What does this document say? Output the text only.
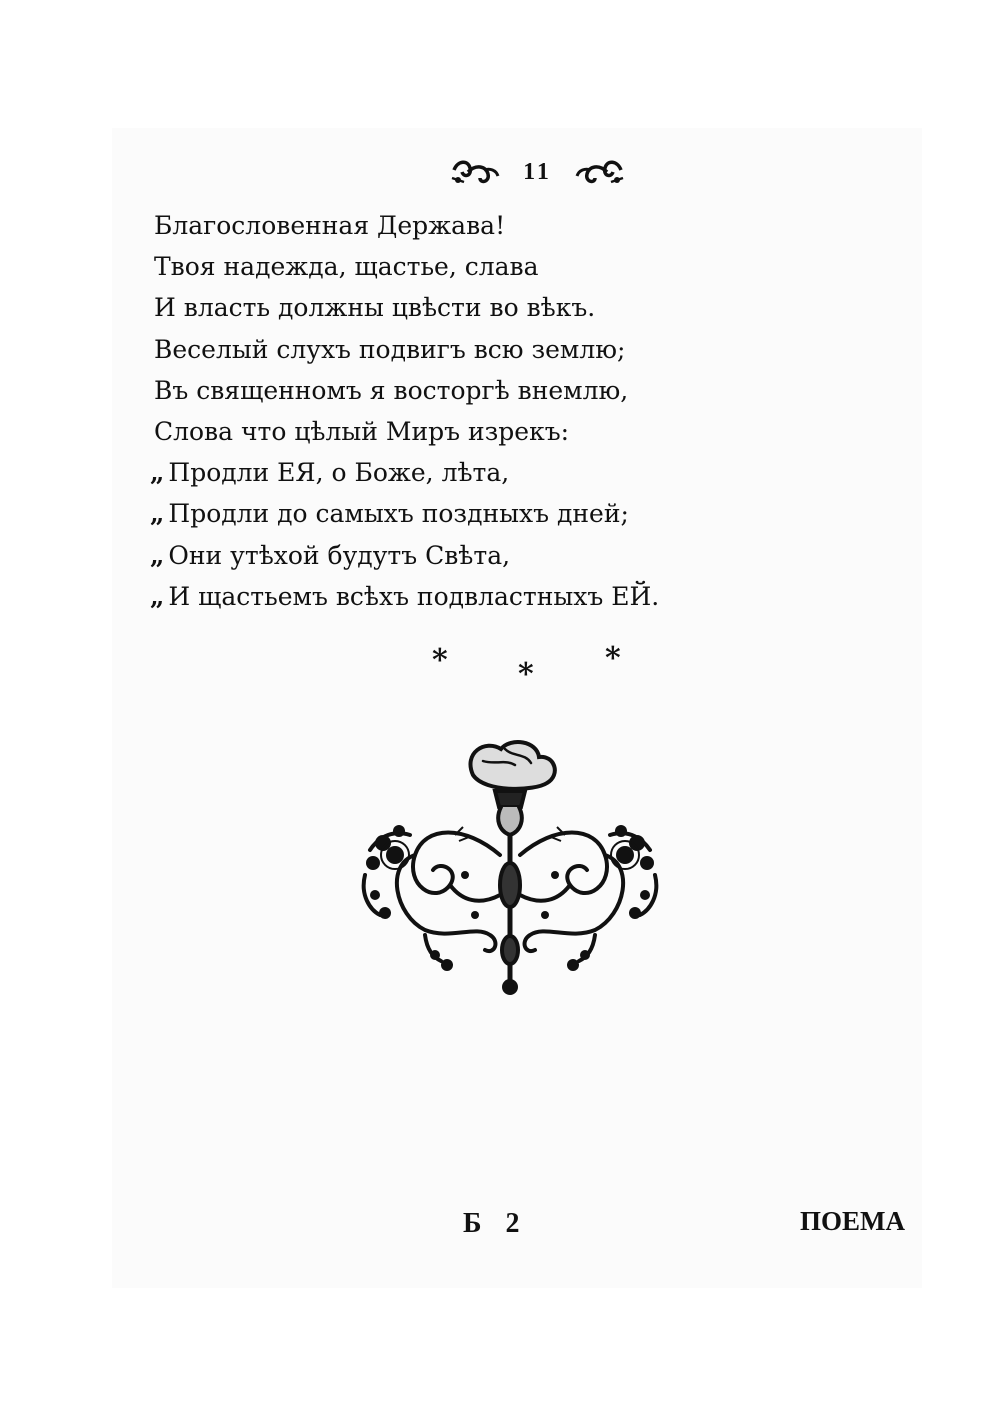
11
Благословенная Держава!
Твоя надежда, щастье, слава
И власть должны цвѣсти во вѣкъ.
Веселый слухъ подвигъ всю землю;
Въ священномъ я восторгѣ внемлю,
Слова что цѣлый Миръ изрекъ:
„ Продли ЕЯ, о Боже, лѣта,
„ Продли до самыхъ поздныхъ дней;
„ Они утѣхой будутъ Свѣта,
„ И щастьемъ всѣхъ подвластныхъ ЕЙ.
* * *
Б 2	ПОЕМА
